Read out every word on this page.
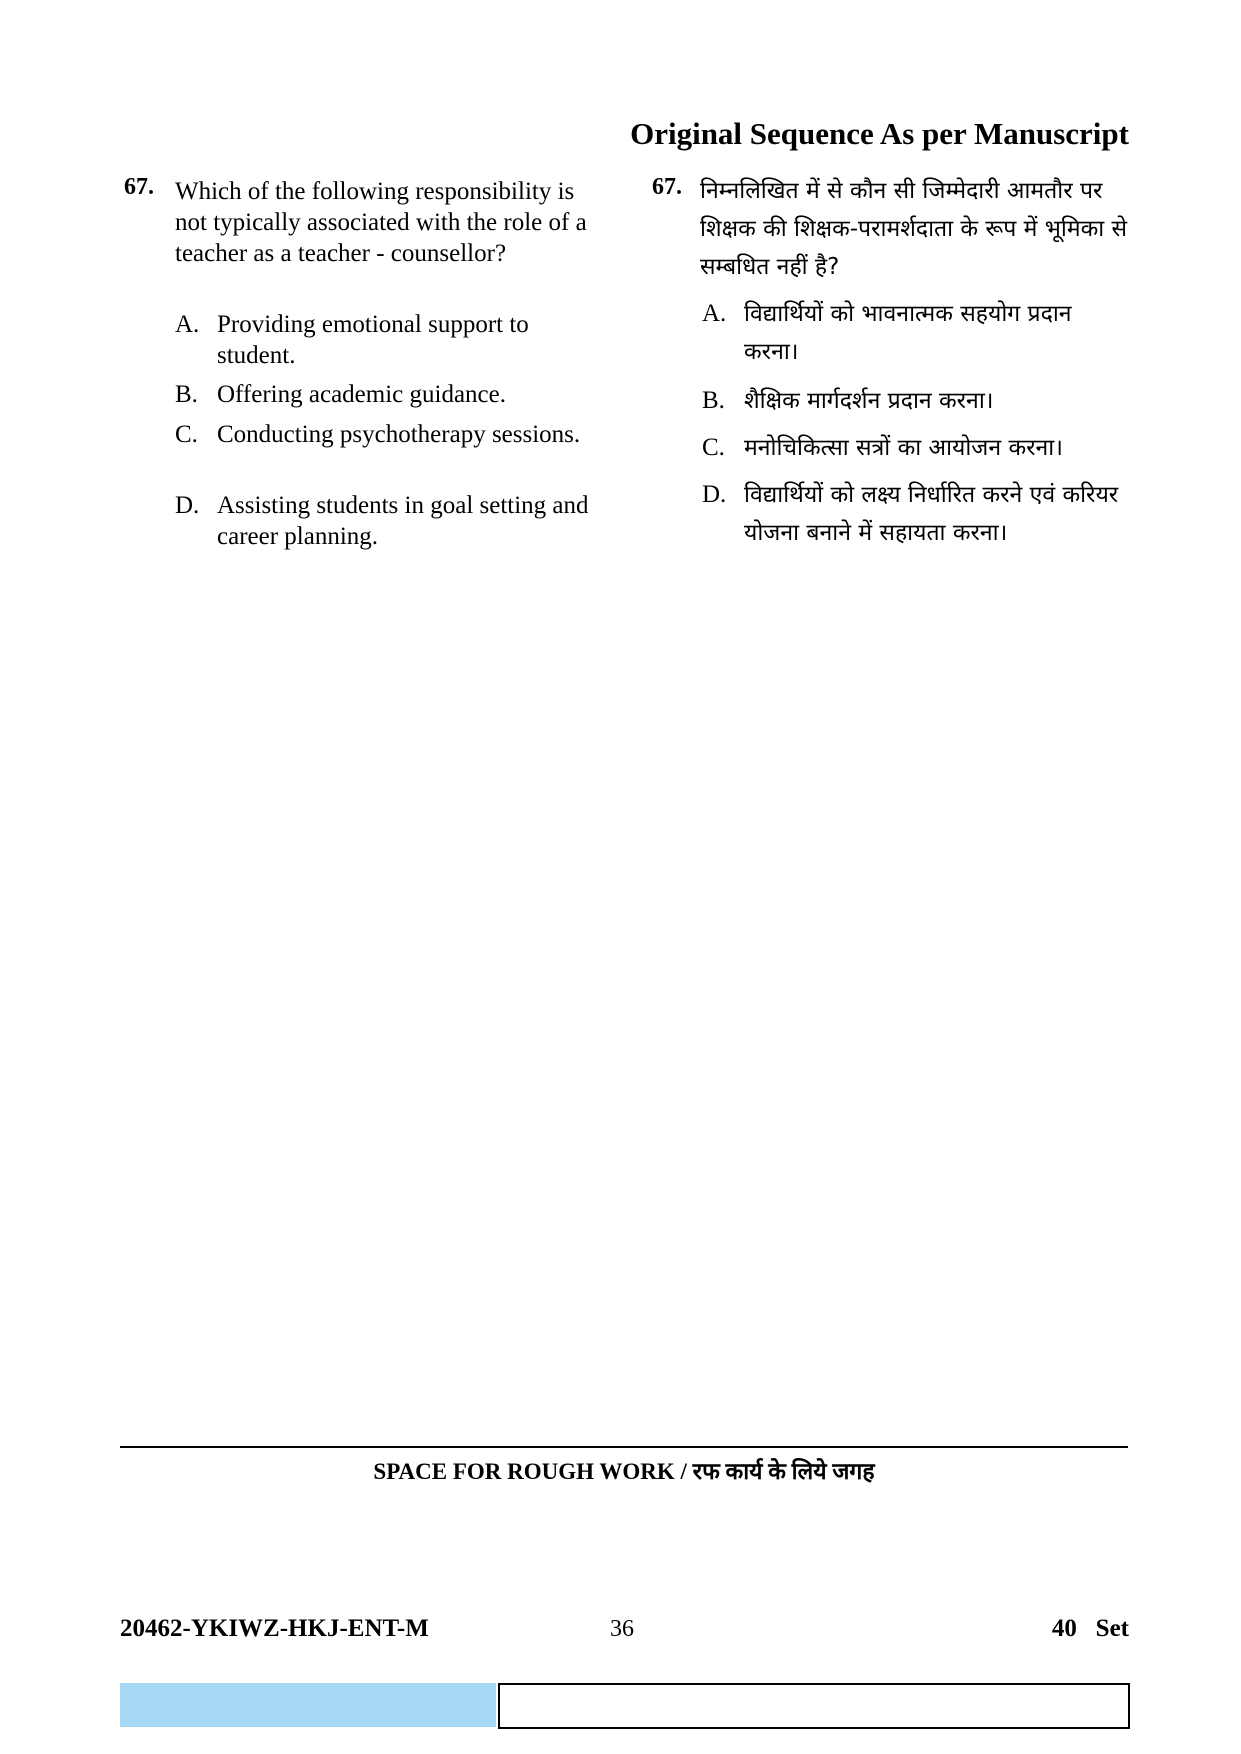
Original Sequence As per Manuscript
67. Which of the following responsibility is not typically associated with the role of a teacher as a teacher - counsellor?
A. Providing emotional support to student.
B. Offering academic guidance.
C. Conducting psychotherapy sessions.
D. Assisting students in goal setting and career planning.
67. निम्नलिखित में से कौन सी जिम्मेदारी आमतौर पर शिक्षक की शिक्षक-परामर्शदाता के रूप में भूमिका से सम्बधित नहीं है?
A. विद्यार्थियों को भावनात्मक सहयोग प्रदान करना।
B. शैक्षिक मार्गदर्शन प्रदान करना।
C. मनोचिकित्सा सत्रों का आयोजन करना।
D. विद्यार्थियों को लक्ष्य निर्धारित करने एवं करियर योजना बनाने में सहायता करना।
SPACE FOR ROUGH WORK / रफ कार्य के लिये जगह
20462-YKIWZ-HKJ-ENT-M	36	40   Set
